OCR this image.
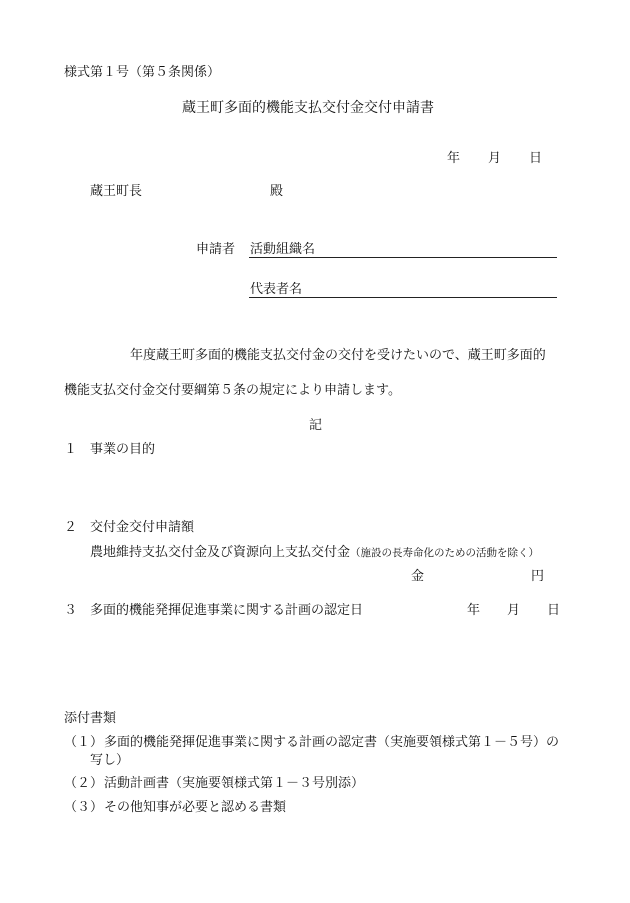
様式第１号（第５条関係）
蔵王町多面的機能支払交付金交付申請書
年 月 日
蔵王町長	殿
申請者 活動組織名
代表者名
年度蔵王町多面的機能支払交付金の交付を受けたいので、蔵王町多面的
機能支払交付金交付要綱第５条の規定により申請します。
記
１ 事業の目的
２ 交付金交付申請額
農地維持支払交付金及び資源向上支払交付金（施設の長寿命化のための活動を除く）
金	円
３ 多面的機能発揮促進事業に関する計画の認定日	年 月 日
添付書類
（１） 多面的機能発揮促進事業に関する計画の認定書（実施要領様式第１－５号）の
写し）
（２） 活動計画書（実施要領様式第１－３号別添）
（３） その他知事が必要と認める書類
